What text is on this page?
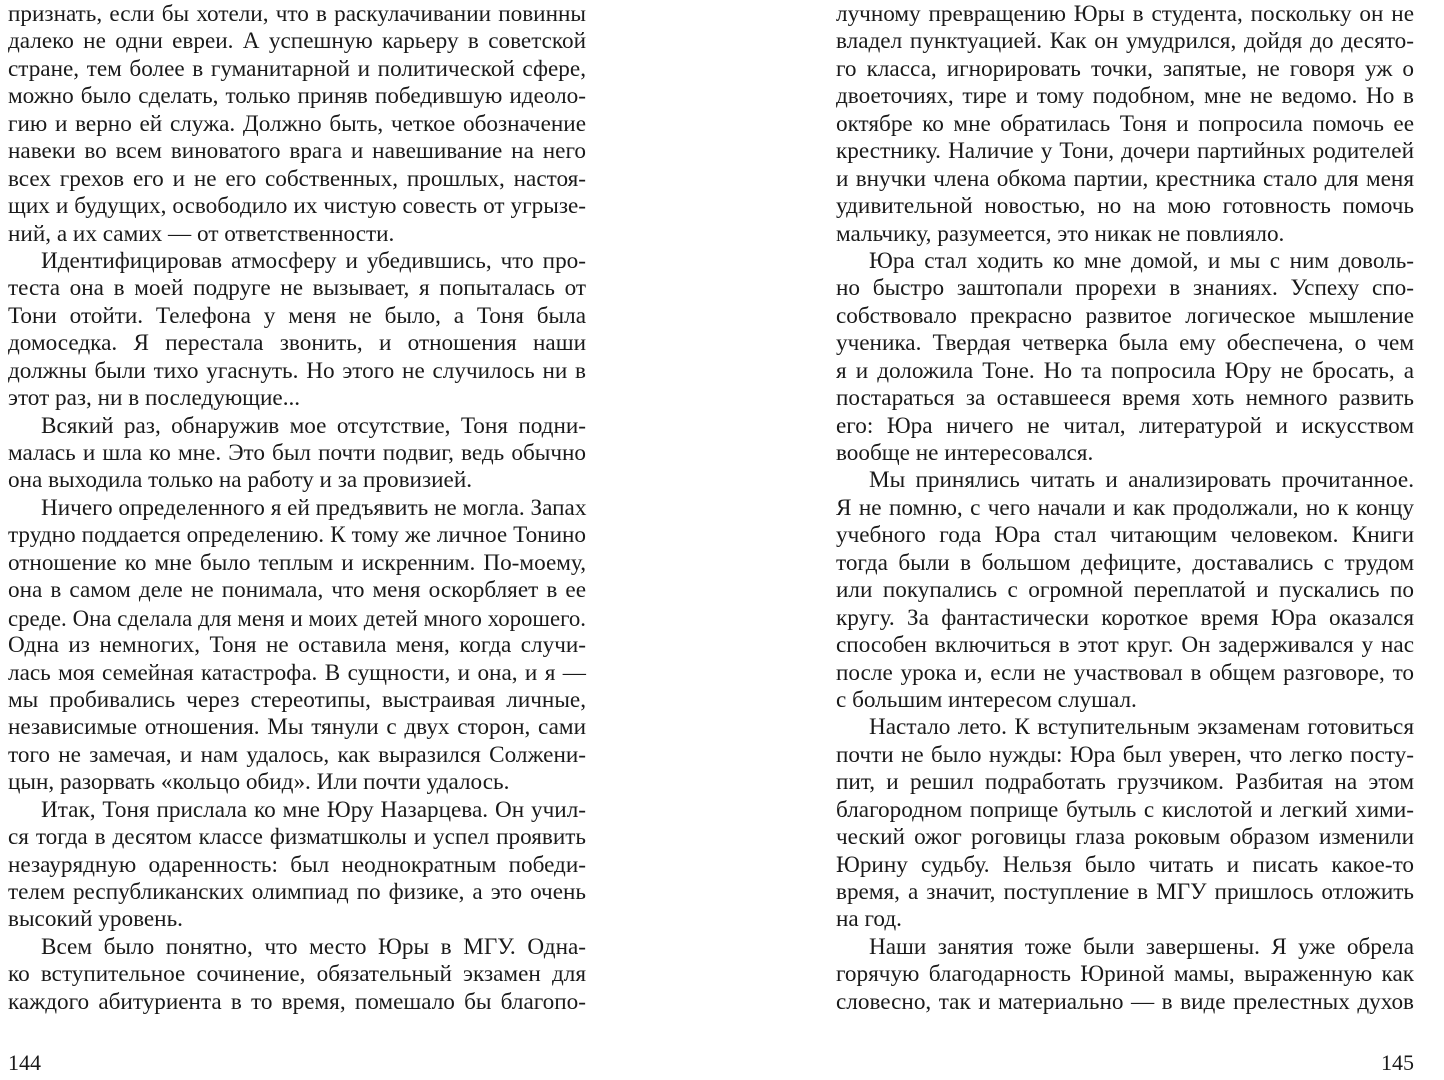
признать, если бы хотели, что в раскулачивании повинны
далеко не одни евреи. А успешную карьеру в советской
стране, тем более в гуманитарной и политической сфере,
можно было сделать, только приняв победившую идеоло-
гию и верно ей служа. Должно быть, четкое обозначение
навеки во всем виноватого врага и навешивание на него
всех грехов его и не его собственных, прошлых, настоя-
щих и будущих, освободило их чистую совесть от угрызе-
ний, а их самих — от ответственности.
Идентифицировав атмосферу и убедившись, что про-
теста она в моей подруге не вызывает, я попыталась от
Тони отойти. Телефона у меня не было, а Тоня была
домоседка. Я перестала звонить, и отношения наши
должны были тихо угаснуть. Но этого не случилось ни в
этот раз, ни в последующие...
Всякий раз, обнаружив мое отсутствие, Тоня подни-
малась и шла ко мне. Это был почти подвиг, ведь обычно
она выходила только на работу и за провизией.
Ничего определенного я ей предъявить не могла. Запах
трудно поддается определению. К тому же личное Тонино
отношение ко мне было теплым и искренним. По-моему,
она в самом деле не понимала, что меня оскорбляет в ее
среде. Она сделала для меня и моих детей много хорошего.
Одна из немногих, Тоня не оставила меня, когда случи-
лась моя семейная катастрофа. В сущности, и она, и я —
мы пробивались через стереотипы, выстраивая личные,
независимые отношения. Мы тянули с двух сторон, сами
того не замечая, и нам удалось, как выразился Солжени-
цын, разорвать «кольцо обид». Или почти удалось.
Итак, Тоня прислала ко мне Юру Назарцева. Он учил-
ся тогда в десятом классе физматшколы и успел проявить
незаурядную одаренность: был неоднократным победи-
телем республиканских олимпиад по физике, а это очень
высокий уровень.
Всем было понятно, что место Юры в МГУ. Однa-
ко вступительное сочинение, обязательный экзамен для
каждого абитуриента в то время, помешало бы благопо-
144
лучному превращению Юры в студента, поскольку он не
владел пунктуацией. Как он умудрился, дойдя до десято-
го класса, игнорировать точки, запятые, не говоря уж о
двоеточиях, тире и тому подобном, мне не ведомо. Но в
октябре ко мне обратилась Тоня и попросила помочь ее
крестнику. Наличие у Тони, дочери партийных родителей
и внучки члена обкома партии, крестника стало для меня
удивительной новостью, но на мою готовность помочь
мальчику, разумеется, это никак не повлияло.
Юра стал ходить ко мне домой, и мы с ним доволь-
но быстро заштопали прорехи в знаниях. Успеху спо-
собствовало прекрасно развитое логическое мышление
ученика. Твердая четверка была ему обеспечена, о чем
я и доложила Тоне. Но та попросила Юру не бросать, а
постараться за оставшееся время хоть немного развить
его: Юра ничего не читал, литературой и искусством
вообще не интересовался.
Мы принялись читать и анализировать прочитанное.
Я не помню, с чего начали и как продолжали, но к концу
учебного года Юра стал читающим человеком. Книги
тогда были в большом дефиците, доставались с трудом
или покупались с огромной переплатой и пускались по
кругу. За фантастически короткое время Юра оказался
способен включиться в этот круг. Он задерживался у нас
после урока и, если не участвовал в общем разговоре, то
с большим интересом слушал.
Настало лето. К вступительным экзаменам готовиться
почти не было нужды: Юра был уверен, что легко посту-
пит, и решил подработать грузчиком. Разбитая на этом
благородном поприще бутыль с кислотой и легкий хими-
ческий ожог роговицы глаза роковым образом изменили
Юрину судьбу. Нельзя было читать и писать какое-то
время, а значит, поступление в МГУ пришлось отложить
на год.
Наши занятия тоже были завершены. Я уже обрела
горячую благодарность Юриной мамы, выраженную как
словесно, так и материально — в виде прелестных духов
145
